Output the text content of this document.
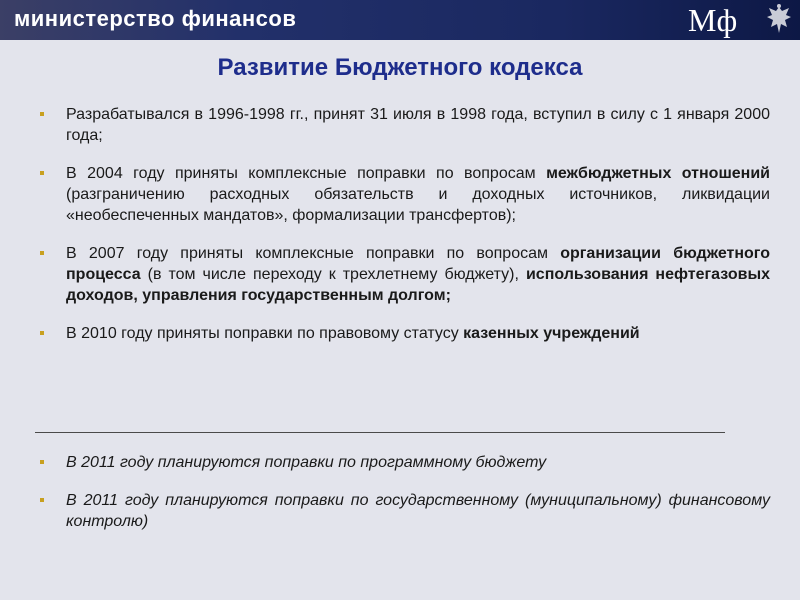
министерство финансов	Мф
Развитие Бюджетного кодекса
Разрабатывался в 1996-1998 гг., принят 31 июля в 1998 года, вступил в силу с 1 января 2000 года;
В 2004 году приняты комплексные поправки по вопросам межбюджетных отношений (разграничению расходных обязательств и доходных источников, ликвидации «необеспеченных мандатов», формализации трансфертов);
В 2007 году приняты комплексные поправки по вопросам организации бюджетного процесса (в том числе переходу к трехлетнему бюджету), использования нефтегазовых доходов, управления государственным долгом;
В 2010 году приняты поправки по правовому статусу казенных учреждений
В 2011 году планируются поправки по программному бюджету
В 2011 году планируются поправки по государственному (муниципальному) финансовому контролю)
